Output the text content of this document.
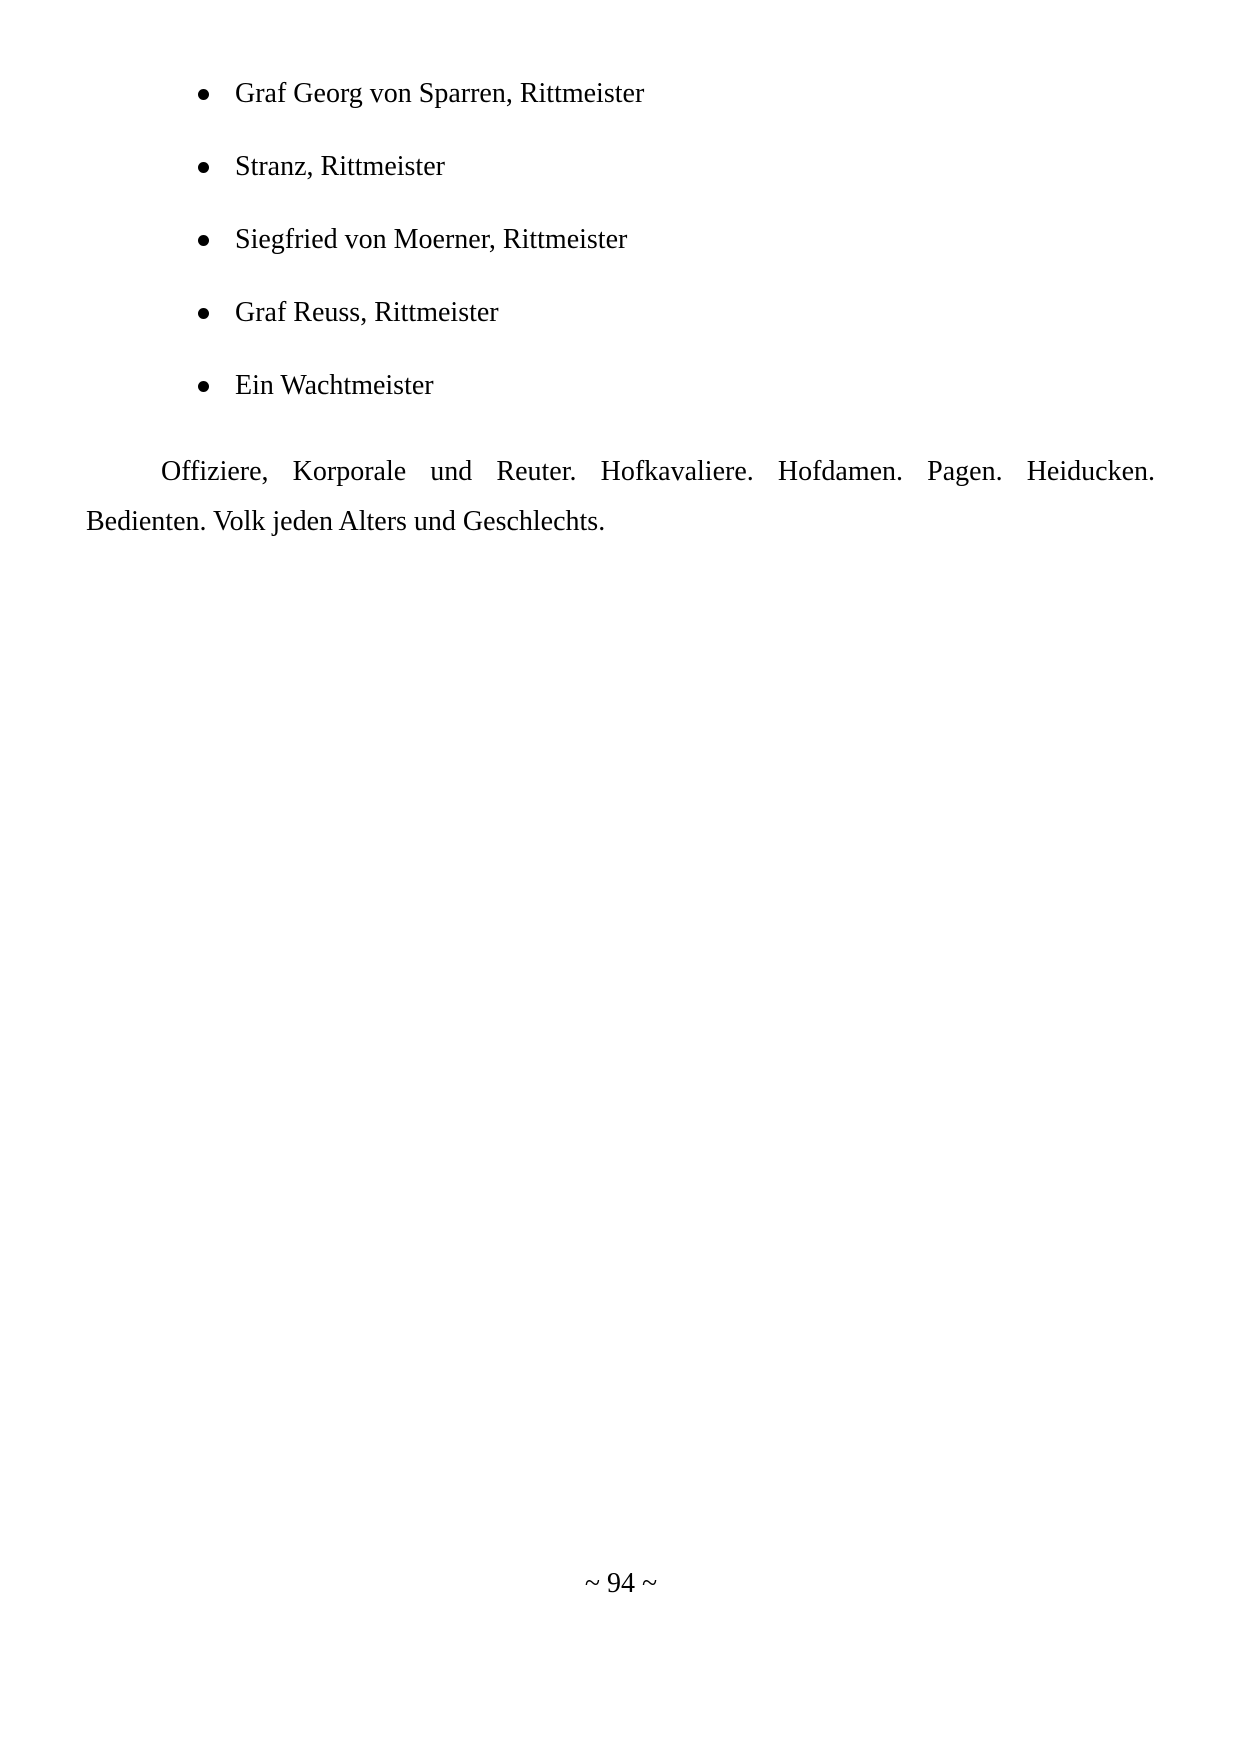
Graf Georg von Sparren, Rittmeister
Stranz, Rittmeister
Siegfried von Moerner, Rittmeister
Graf Reuss, Rittmeister
Ein Wachtmeister

Offiziere, Korporale und Reuter. Hofkavaliere. Hofdamen. Pagen. Heiducken. Bedienten. Volk jeden Alters und Geschlechts.

~ 94 ~
